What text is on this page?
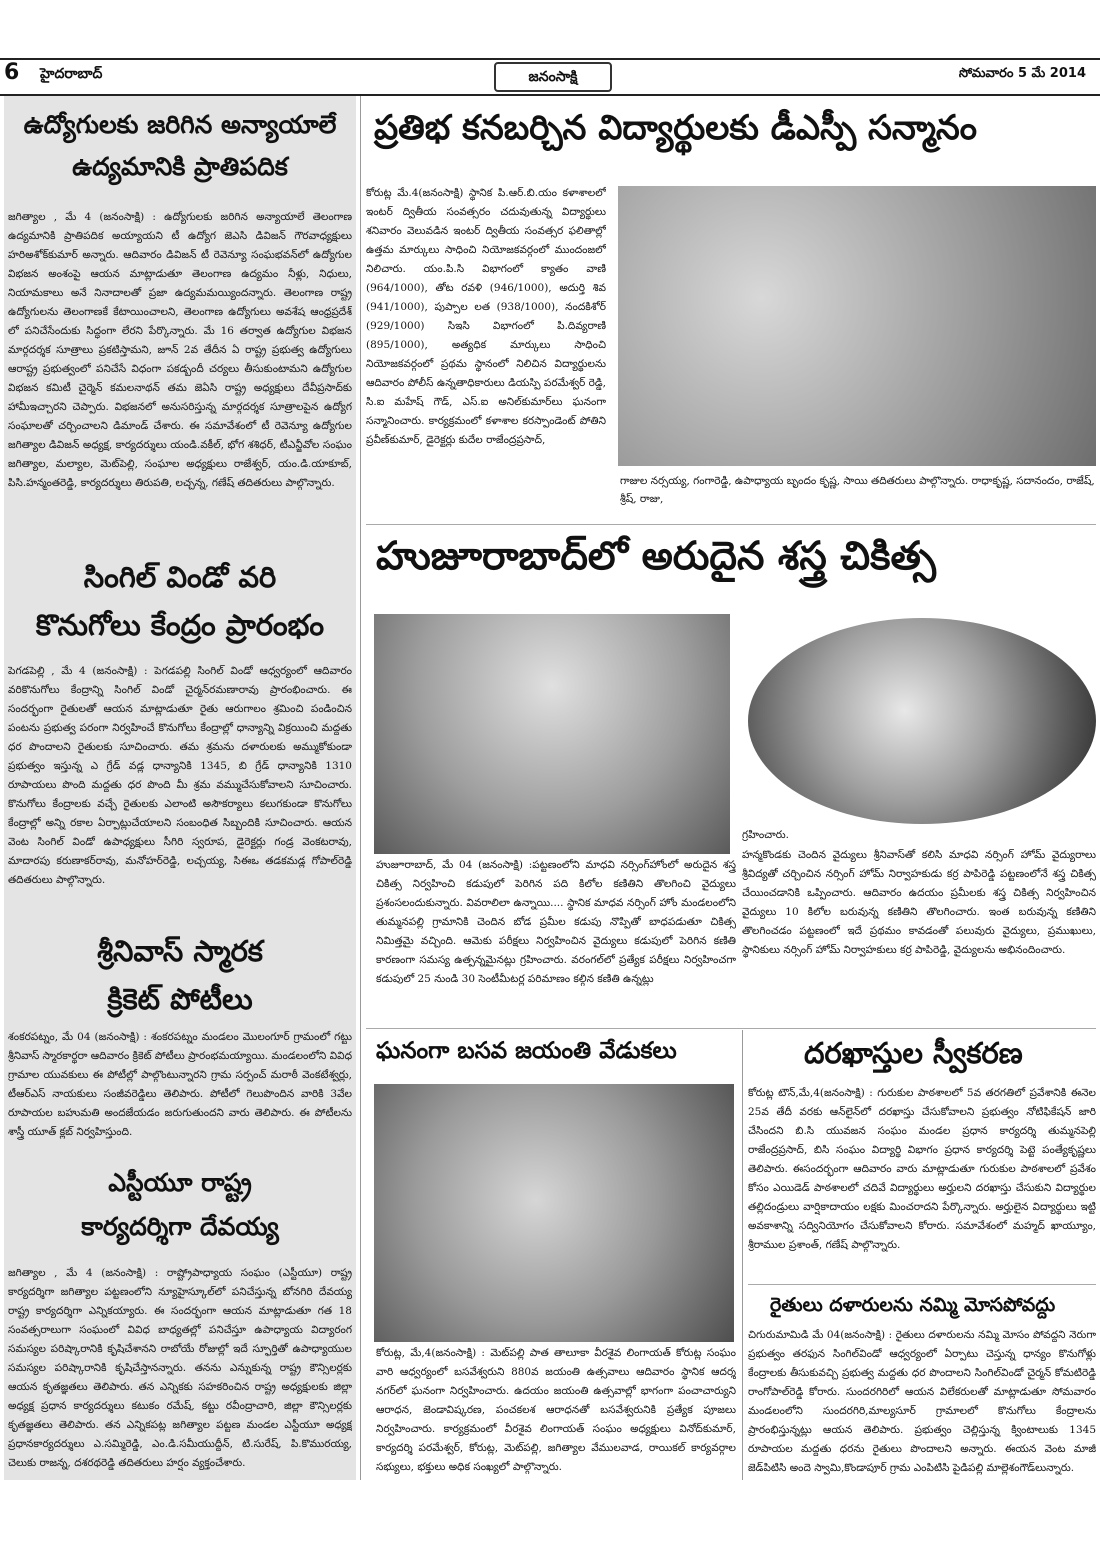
6 హైదరాబాద్	జనంసాక్షి	సోమవారం 5 మే 2014
ఉద్యోగులకు జరిగిన అన్యాయాలే
ఉద్యమానికి ప్రాతిపదిక
జగిత్యాల , మే 4 (జనంసాక్షి) : ఉద్యోగులకు జరిగిన అన్యాయాలే తెలంగాణ ఉద్యమానికి ప్రాతిపదిక అయ్యాయని టీ ఉద్యోగ జెఎసి డివిజన్ గౌరవాధ్యక్షులు హరిఅశోక్‌కుమార్ అన్నారు. ఆదివారం డివిజన్ టీ రెవెన్యూ సంఘభవన్‌లో ఉద్యోగుల విభజన అంశంపై ఆయన మాట్లాడుతూ తెలంగాణ ఉద్యమం నీళ్లు, నిధులు, నియామకాలు అనే నినాదాలతో ప్రజా ఉద్యమమయ్యిందన్నారు. తెలంగాణ రాష్ట్ర ఉద్యోగులను తెలంగాణకే కేటాయించాలని, తెలంగాణ ఉద్యోగులు అవశేష ఆంధ్రప్రదేశ్ లో పనిచేసేందుకు సిద్ధంగా లేరని పేర్కొన్నారు. మే 16 తర్వాత ఉద్యోగుల విభజన మార్గదర్శక సూత్రాలు ప్రకటిస్తామని, జూన్ 2వ తేదీన ఏ రాష్ట్ర ప్రభుత్వ ఉద్యోగులు ఆరాష్ట్ర ప్రభుత్వంలో పనిచేసే విధంగా పకడ్బందీ చర్యలు తీసుకుంటామని ఉద్యోగుల విభజన కమిటీ చైర్మెన్ కమలనాథన్ తమ జెఏసి రాష్ట్ర అధ్యక్షులు దేవీప్రసాద్‌కు హామీఇచ్చారని చెప్పారు. విభజనలో అనుసరిస్తున్న మార్గదర్శక సూత్రాలపైన ఉద్యోగ సంఘాలతో చర్చించాలని డిమాండ్ చేశారు. ఈ సమావేశంలో టీ రెవెన్యూ ఉద్యోగుల జగిత్యాల డివిజన్ అధ్యక్ష, కార్యదర్శులు యండి.వకీల్, భోగ శశిధర్, టీఎన్జీవోల సంఘం జగిత్యాల, మల్యాల, మెట్‌పెల్లి, సంఘాల అధ్యక్షులు రాజేశ్వర్, యం.డి.యాకూబ్, పిసి.హన్మంతరెడ్డి, కార్యదర్శులు తిరుపతి, లచ్చన్న, గణేష్ తదితరులు పాల్గొన్నారు.
సింగిల్ విండో వరి
కొనుగోలు కేంద్రం ప్రారంభం
పెగడపెల్లి , మే 4 (జనంసాక్షి) : పెగడపల్లి సింగిల్ విండో ఆధ్వర్యంలో ఆదివారం వరికొనుగోలు కేంద్రాన్ని సింగిల్ విండో చైర్మన్‌రమణారావు ప్రారంభించారు. ఈ సందర్భంగా రైతులతో ఆయన మాట్లాడుతూ రైతు ఆరుగాలం శ్రమించి పండించిన పంటను ప్రభుత్వ పరంగా నిర్వహించే కొనుగోలు కేంద్రాల్లో ధాన్యాన్ని విక్రయించి మద్దతు ధర పొందాలని రైతులకు సూచించారు. తమ శ్రమను దళారులకు అమ్ముకోకుండా ప్రభుత్వం ఇస్తున్న ఎ గ్రేడ్ వడ్ల ధాన్యానికి 1345, బి గ్రేడ్ ధాన్యానికి 1310 రూపాయలు పొంది మద్దతు ధర పొంది మీ శ్రమ వమ్ముచేసుకోవాలని సూచించారు. కొనుగోలు కేంద్రాలకు వచ్చే రైతులకు ఎలాంటి అసౌకర్యాలు కలుగకుండా కొనుగోలు కేంద్రాల్లో అన్ని రకాల ఏర్పాట్లుచేయాలని సంబంధిత సిబ్బందికి సూచించారు. ఆయన వెంట సింగిల్ విండో ఉపాధ్యక్షులు సీగిరి స్వరూప, డైరెక్టర్లు గండ్ర వెంకటరావు, మాదారపు కరుణాకర్‌రావు, మనోహర్‌రెడ్డి, లచ్చయ్య, సిఈఒ తడకమడ్ల గోపాల్‌రెడ్డి తదితరులు పాల్గొన్నారు.
శ్రీనివాస్ స్మారక
క్రికెట్ పోటీలు
శంకరపట్నం, మే 04 (జనంసాక్షి) : శంకరపట్నం మండలం మొలంగూర్ గ్రామంలో గట్టు శ్రీనివాస్ స్మారకార్థరా ఆదివారం క్రికెట్ పోటీలు ప్రారంభమయ్యాయి. మండలంలోని వివిధ గ్రామాల యువకులు ఈ పోటీల్లో పాల్గొంటున్నారని గ్రామ సర్పంచ్ మరాఠీ వెంకటేశ్వర్లు, టీఆర్ఎస్ నాయకులు సంజీవరెడ్డిలు తెలిపారు. పోటీలో గెలుపొందిన వారికి 3వేల రూపాయల బహుమతి అందజేయడం జరుగుతుందని వారు తెలిపారు. ఈ పోటీలను శాస్త్రీ యూత్ క్లబ్ నిర్వహిస్తుంది.
ఎస్టీయూ రాష్ట్ర
కార్యదర్శిగా దేవయ్య
జగిత్యాల , మే 4 (జనంసాక్షి) : రాష్ట్రోపాధ్యాయ సంఘం (ఎస్టీయూ) రాష్ట్ర కార్యదర్శిగా జగిత్యాల పట్టణంలోని న్యూహైస్కూల్‌లో పనిచేస్తున్న బోనగిరి దేవయ్య రాష్ట్ర కార్యదర్శిగా ఎన్నికయ్యారు. ఈ సందర్భంగా ఆయన మాట్లాడుతూ గత 18 సంవత్సరాలుగా సంఘంలో వివిధ బాధ్యతల్లో పనిచేస్తూ ఉపాధ్యాయ విద్యారంగ సమస్యల పరిష్కారానికి కృషిచేశానని రాబోయే రోజుల్లో ఇదే స్ఫూర్తితో ఉపాధ్యాయుల సమస్యల పరిష్కారానికి కృషిచేస్తానన్నారు. తనను ఎన్నుకున్న రాష్ట్ర కౌన్సిలర్లకు ఆయన కృతజ్ఞతలు తెలిపారు. తన ఎన్నికకు సహకరించిన రాష్ట్ర అధ్యక్షులకు జిల్లా అధ్యక్ష ప్రధాన కార్యదర్శులు కటుకం రమేష్, కట్టు రవీంద్రాచారి, జిల్లా కౌన్సిలర్లకు కృతజ్ఞతలు తెలిపారు. తన ఎన్నికపట్ల జగిత్యాల పట్టణ మండల ఎస్టీయూ అధ్యక్ష ప్రధానకార్యదర్శులు ఎ.సమ్మిరెడ్డి, ఎం.డి.సమీయుద్దీన్, టి.సురేష్, పి.కొమురయ్య, చెలుకు రాజన్న, దశరథరెడ్డి తదితరులు హర్షం వ్యక్తంచేశారు.
ప్రతిభ కనబర్చిన విద్యార్థులకు డీఎస్పీ సన్మానం
కోరుట్ల మే.4(జనంసాక్షి) స్థానిక పి.ఆర్.బి.యం కళాశాలలో ఇంటర్ ద్వితీయ సంవత్సరం చదువుతున్న విద్యార్థులు శనివారం వెలువడిన ఇంటర్ ద్వితీయ సంవత్సర ఫలితాల్లో ఉత్తమ మార్కులు సాధించి నియోజకవర్గంలో ముందంజలో నిలిచారు. యం.పి.సి విభాగంలో క్యాతం వాణి (964/1000), తోట రవళి (946/1000), అదుర్తి శివ (941/1000), పుప్పాల లత (938/1000), నందకిశోర్ (929/1000) సిఇసి విభాగంలో పి.దివ్యరాణి (895/1000), అత్యధిక మార్కులు సాధించి నియోజకవర్గంలో ప్రథమ స్థానంలో నిలిచిన విద్యార్థులను ఆదివారం పోలీస్ ఉన్నతాధికారులు డియస్పి పరమేశ్వర్ రెడ్డి, సి.ఐ మహేష్ గౌడ్, ఎస్.ఐ అనిల్‌కుమార్‌లు ఘనంగా సన్మానించారు. కార్యక్రమంలో కళాశాల కరస్పాండెంట్ పోతిని ప్రవీణ్‌కుమార్, డైరెక్టర్లు కుదేల రాజేంద్రప్రసాద్,
గాజుల నర్సయ్య, గంగారెడ్డి, ఉపాధ్యాయ బృందం కృష్ణ, సాయి తదితరులు పాల్గొన్నారు. రాధాకృష్ణ, సదానందం, రాజేష్, శ్రీష్, రాజు,
హుజూరాబాద్‌లో అరుదైన శస్త్ర చికిత్స
గ్రహించారు.
హుజూరాబాద్, మే 04 (జనంసాక్షి) :పట్టణంలోని మాధవి నర్సింగ్‌హోంలో అరుదైన శస్త్ర చికిత్స నిర్వహించి కడుపులో పెరిగిన పది కిలోల కణితిని తొలగించి వైద్యులు ప్రశంసలందుకున్నారు. వివరాలిలా ఉన్నాయి.... స్థానిక మాధవ నర్సింగ్ హోం మండలంలోని తుమ్మనపల్లి గ్రామానికి చెందిన బోడ ప్రమీల కడుపు నొప్పితో బాధపడుతూ చికిత్స నిమిత్తమై వచ్చింది. ఆమెకు పరీక్షలు నిర్వహించిన వైద్యులు కడుపులో పెరిగిన కణితి కారణంగా సమస్య ఉత్పన్నమైనట్లు గ్రహించారు. వరంగల్‌లో ప్రత్యేక పరీక్షలు నిర్వహించగా కడుపులో 25 నుండి 30 సెంటీమీటర్ల పరిమాణం కల్గిన కణితి ఉన్నట్లు
హన్మకొండకు చెందిన వైద్యులు శ్రీనివాస్‌తో కలిసి మాధవి నర్సింగ్ హోమ్ వైద్యురాలు శ్రీవిద్యతో చర్చించిన నర్సింగ్ హోమ్ నిర్వాహకుడు కర్ర పాపిరెడ్డి పట్టణంలోనే శస్త్ర చికిత్స చేయించడానికి ఒప్పించారు. ఆదివారం ఉదయం ప్రమీలకు శస్త్ర చికిత్స నిర్వహించిన వైద్యులు 10 కిలోల బరువున్న కణితిని తొలగించారు. ఇంత బరువున్న కణితిని తొలగించడం పట్టణంలో ఇదే ప్రథమం కావడంతో పలువురు వైద్యులు, ప్రముఖులు, స్థానికులు నర్సింగ్ హోమ్ నిర్వాహకులు కర్ర పాపిరెడ్డి, వైద్యులను అభినందించారు.
ఘనంగా బసవ జయంతి వేడుకలు
కోరుట్ల, మే,4(జనంసాక్షి) : మెట్‌పల్లి పాత తాలూకా వీరశైవ లింగాయత్ కోరుట్ల సంఘం వారి ఆధ్వర్యంలో బసవేశ్వరుని 880వ జయంతి ఉత్సవాలు ఆదివారం స్థానిక ఆదర్శ నగర్‌లో ఘనంగా నిర్వహించారు. ఉదయం జయంతి ఉత్సవాల్లో భాగంగా పంచాచార్యుని ఆరాధన, జెండావిష్కరణ, పంచకలశ ఆరాధనతో బసవేశ్వరునికి ప్రత్యేక పూజలు నిర్వహించారు. కార్యక్రమంలో వీరశైవ లింగాయత్ సంఘం అధ్యక్షులు వినోద్‌కుమార్, కార్యదర్శి పరమేశ్వర్, కోరుట్ల, మెట్‌పల్లి, జగిత్యాల వేములవాడ, రాయికల్ కార్యవర్గాల సభ్యులు, భక్తులు అధిక సంఖ్యలో పాల్గొన్నారు.
దరఖాస్తుల స్వీకరణ
కోరుట్ల టౌన్,మే,4(జనంసాక్షి) : గురుకుల పాఠశాలలో 5వ తరగతిలో ప్రవేశానికి ఈనెల 25వ తేదీ వరకు ఆన్‌లైన్‌లో దరఖాస్తు చేసుకోవాలని ప్రభుత్వం నోటిఫికేషన్ జారి చేసిందని బి.సి యువజన సంఘం మండల ప్రధాన కార్యదర్శి తుమ్మనపెల్లి రాజేంద్రప్రసాద్, బిసి సంఘం విద్యార్థి విభాగం ప్రధాన కార్యదర్శి పెట్టె పంత్యేకృష్ణలు తెలిపారు. ఈసందర్భంగా ఆదివారం వారు మాట్లాడుతూ గురుకుల పాఠశాలలో ప్రవేశం కోసం ఎయిడెడ్ పాఠశాలలో చదివే విద్యార్థులు అర్హులని దరఖాస్తు చేసుకుని విద్యార్థుల తల్లిదండ్రులు వార్షికాదాయం లక్షకు మించరాదని పేర్కొన్నారు. అర్హులైన విద్యార్థులు ఇట్టి అవకాశాన్ని సద్వినియోగం చేసుకోవాలని కోరారు. సమావేశంలో మహ్మద్ ఖాయ్యూం, శ్రీరాముల ప్రశాంత్, గణేష్ పాల్గొన్నారు.
రైతులు దళారులను నమ్మి మోసపోవద్దు
చిగురుమామిడి మే 04(జనంసాక్షి) : రైతులు దళారులను నమ్మి మోసం పోవద్దని నెరుగా ప్రభుత్వం తరఫున సింగిల్‌విండో ఆధ్వర్యంలో ఏర్పాటు చెస్తున్న ధాన్యం కొనుగోళ్లు కేంద్రాలకు తీసుకువచ్చి ప్రభుత్వ మద్దతు ధర పొందాలని సింగిల్‌విండో చైర్మన్ కోమటిరెడ్డి రాంగోపాల్‌రెడ్డి కోరారు. సుందరగిరిలో ఆయన విలేకరులతో మాట్లాడుతూ సోమవారం మండలంలోని సుందరగిరి,మాల్యసూర్ గ్రామాలలో కొనుగోలు కేంద్రాలను ప్రారంభిస్తున్నట్లు ఆయన తెలిపారు. ప్రభుత్వం చెల్లిస్తున్న క్వింటాలుకు 1345 రూపాయల మద్దతు ధరను రైతులు పొందాలని అన్నారు. ఈయన వెంట మాజీ జెడ్‌పిటిసి అందె స్వామి,కొండాపూర్ గ్రామ ఎంపిటిసి పైడిపల్లి మాల్లెశంగౌడ్‌లున్నారు.
